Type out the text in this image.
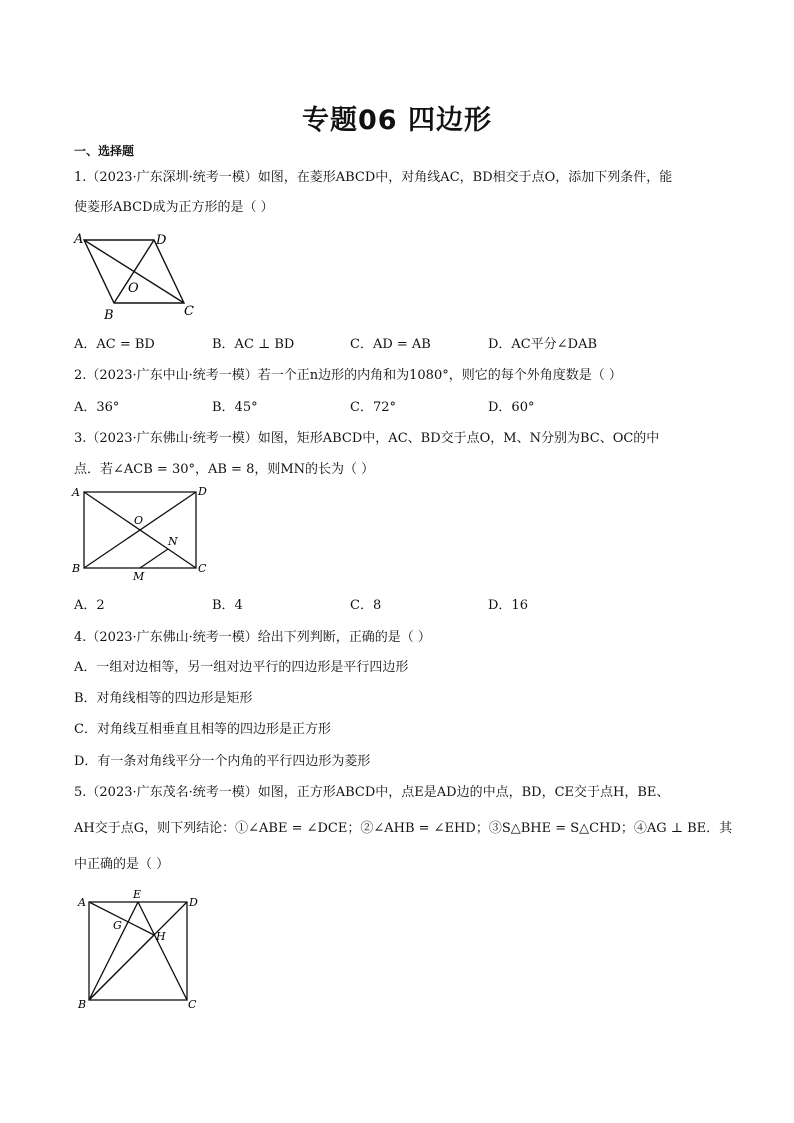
专题06 四边形
一、选择题
1.（2023·广东深圳·统考一模）如图，在菱形ABCD中，对角线AC，BD相交于点O，添加下列条件，能
使菱形ABCD成为正方形的是（ ）
A	D
O
B	C
A．AC = BD	B．AC ⊥ BD	C．AD = AB	D．AC平分∠DAB
2.（2023·广东中山·统考一模）若一个正n边形的内角和为1080°，则它的每个外角度数是（ ）
A．36°	B．45°	C．72°	D．60°
3.（2023·广东佛山·统考一模）如图，矩形ABCD中，AC、BD交于点O，M、N分别为BC、OC的中
点．若∠ACB = 30°，AB = 8，则MN的长为（ ）
A	D
O
N
B
M
C
A．2	B．4	C．8	D．16
4.（2023·广东佛山·统考一模）给出下列判断，正确的是（ ）
A．一组对边相等，另一组对边平行的四边形是平行四边形
B．对角线相等的四边形是矩形
C．对角线互相垂直且相等的四边形是正方形
D．有一条对角线平分一个内角的平行四边形为菱形
5.（2023·广东茂名·统考一模）如图，正方形ABCD中，点E是AD边的中点，BD，CE交于点H，BE、
AH交于点G，则下列结论：①∠ABE = ∠DCE；②∠AHB = ∠EHD；③S△BHE = S△CHD；④AG ⊥ BE．其
中正确的是（ ）
A
E
D
G
H
B	C
